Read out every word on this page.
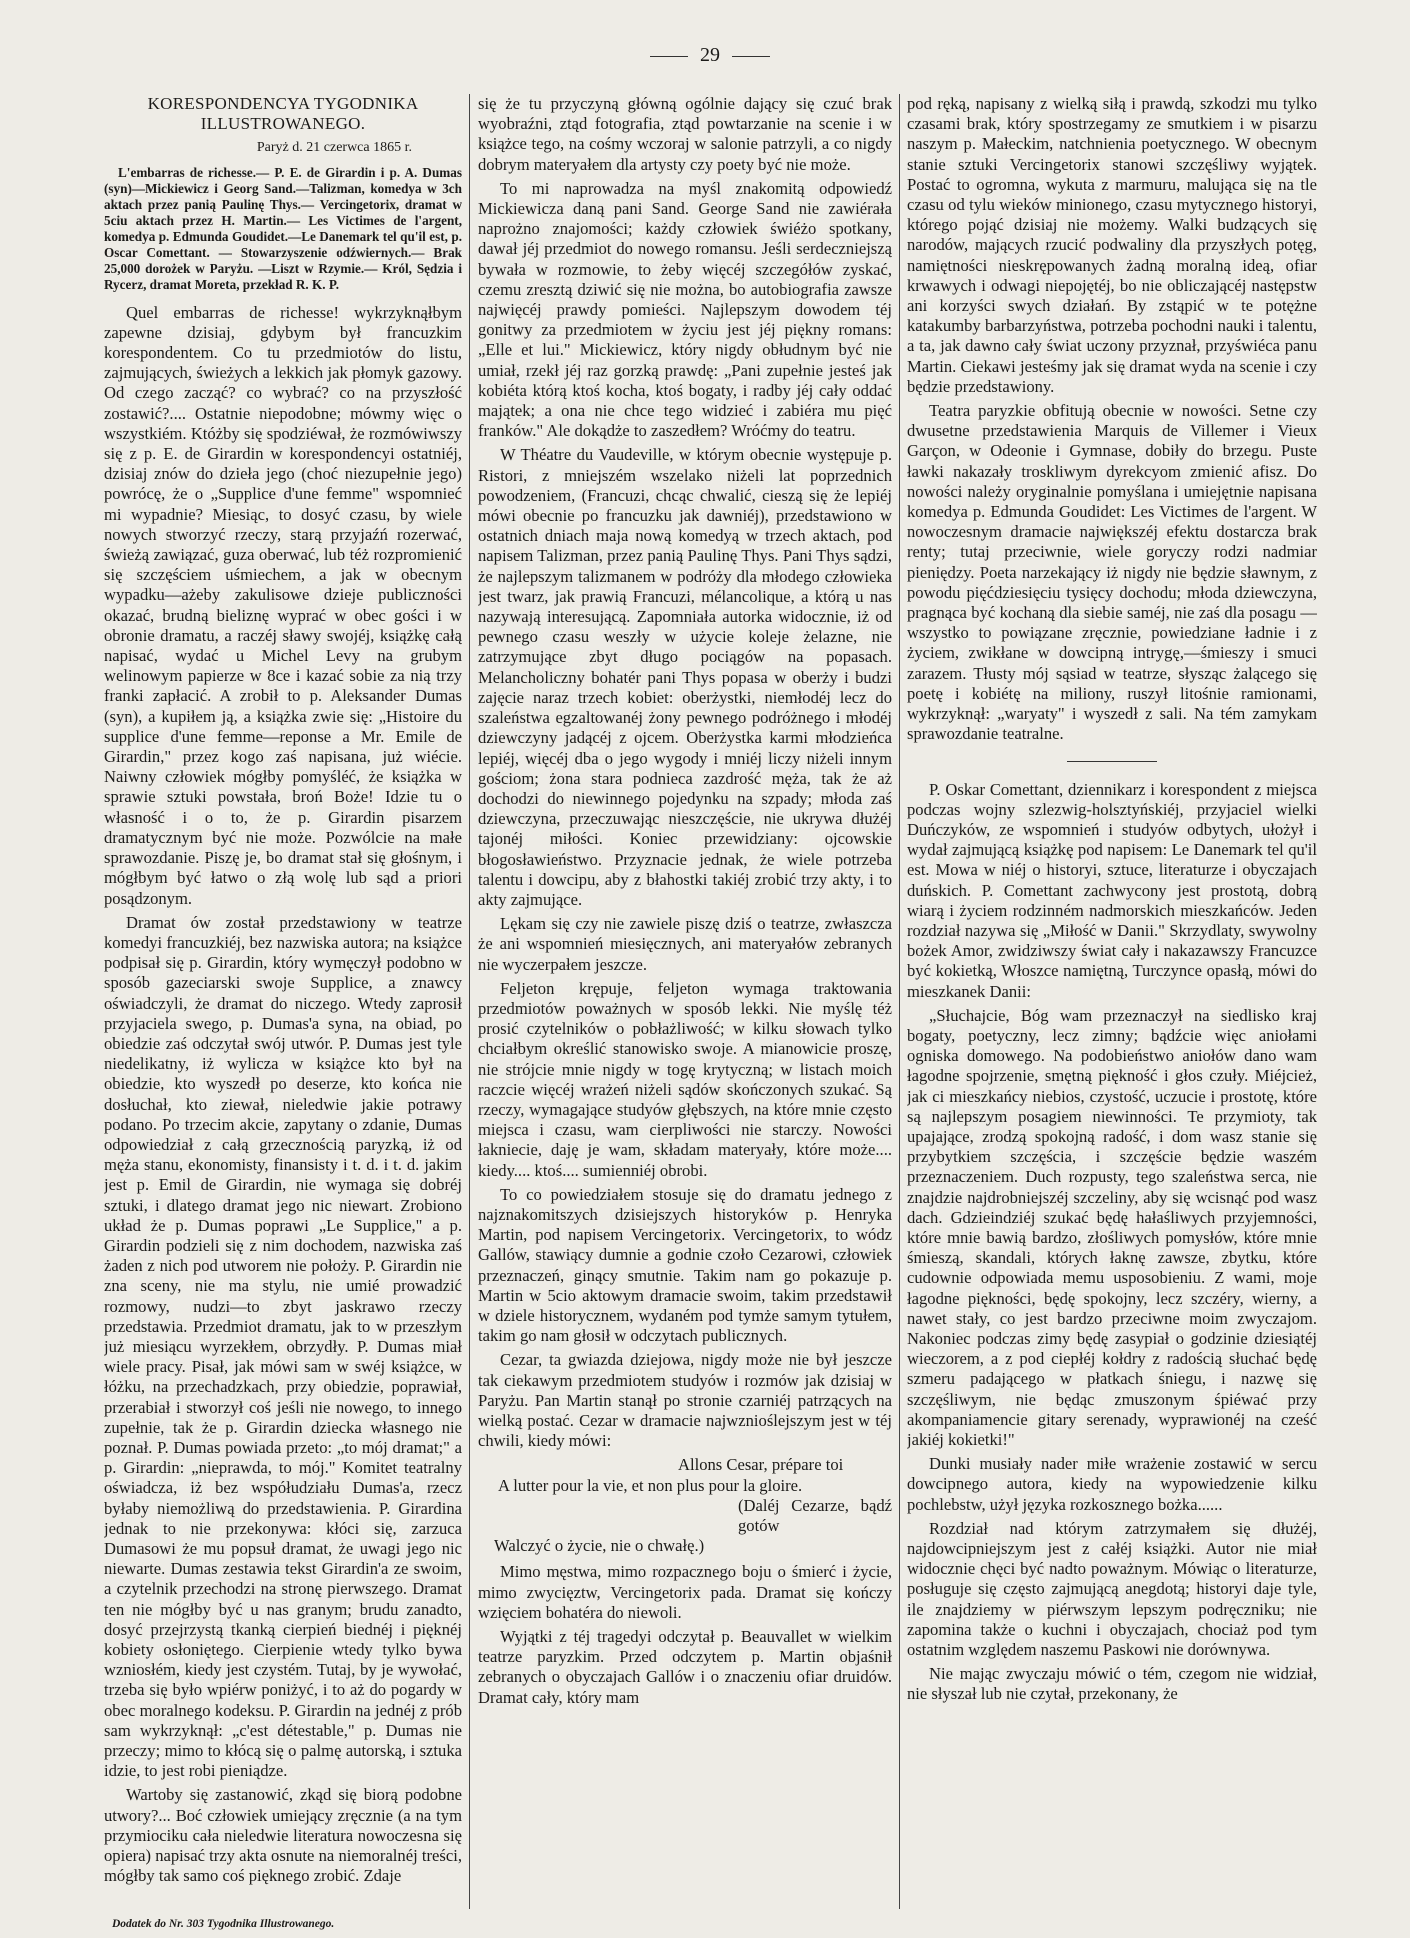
29

KORESPONDENCYA TYGODNIKA ILLUSTROWANEGO.

Paryż d. 21 czerwca 1865 r.

L'embarras de richesse.— P. E. de Girardin i p. A. Dumas (syn)—Mickiewicz i Georg Sand.—Talizman, komedya w 3ch aktach przez panią Paulinę Thys.— Vercingetorix, dramat w 5ciu aktach przez H. Martin.— Les Victimes de l'argent, komedya p. Edmunda Goudidet.—Le Danemark tel qu'il est, p. Oscar Comettant. — Stowarzyszenie odźwiernych.— Brak 25,000 dorożek w Paryżu. —Liszt w Rzymie.— Król, Sędzia i Rycerz, dramat Moreta, przekład R. K. P.

Quel embarras de richesse! wykrzyknąłbym zapewne dzisiaj, gdybym był francuzkim korespondentem. Co tu przedmiotów do listu, zajmujących, świeżych a lekkich jak płomyk gazowy. Od czego zacząć? co wybrać? co na przyszłość zostawić?.... Ostatnie niepodobne; mówmy więc o wszystkiém. Któżby się spodziéwał, że rozmówiwszy się z p. E. de Girardin w korespondencyi ostatniéj, dzisiaj znów do dzieła jego (choć niezupełnie jego) powrócę, że o „Supplice d'une femme" wspomnieć mi wypadnie? Miesiąc, to dosyć czasu, by wiele nowych stworzyć rzeczy, starą przyjaźń rozerwać, świeżą zawiązać, guza oberwać, lub téż rozpromienić się szczęściem uśmiechem, a jak w obecnym wypadku—ażeby zakulisowe dzieje publiczności okazać, brudną bieliznę wyprać w obec gości i w obronie dramatu, a raczéj sławy swojéj, książkę całą napisać, wydać u Michel Levy na grubym welinowym papierze w 8ce i kazać sobie za nią trzy franki zapłacić. A zrobił to p. Aleksander Dumas (syn), a kupiłem ją, a książka zwie się: „Histoire du supplice d'une femme—reponse a Mr. Emile de Girardin," przez kogo zaś napisana, już wiécie. Naiwny człowiek mógłby pomyśléć, że książka w sprawie sztuki powstała, broń Boże! Idzie tu o własność i o to, że p. Girardin pisarzem dramatycznym być nie może. Pozwólcie na małe sprawozdanie. Piszę je, bo dramat stał się głośnym, i mógłbym być łatwo o złą wolę lub sąd a priori posądzonym.

Dramat ów został przedstawiony w teatrze komedyi francuzkiéj, bez nazwiska autora; na książce podpisał się p. Girardin, który wymęczył podobno w sposób gazeciarski swoje Supplice, a znawcy oświadczyli, że dramat do niczego. Wtedy zaprosił przyjaciela swego, p. Dumas'a syna, na obiad, po obiedzie zaś odczytał swój utwór. P. Dumas jest tyle niedelikatny, iż wylicza w książce kto był na obiedzie, kto wyszedł po deserze, kto końca nie dosłuchał, kto ziewał, nieledwie jakie potrawy podano. Po trzecim akcie, zapytany o zdanie, Dumas odpowiedział z całą grzecznością paryzką, iż od męża stanu, ekonomisty, finansisty i t. d. i t. d. jakim jest p. Emil de Girardin, nie wymaga się dobréj sztuki, i dlatego dramat jego nic niewart. Zrobiono układ że p. Dumas poprawi „Le Supplice," a p. Girardin podzieli się z nim dochodem, nazwiska zaś żaden z nich pod utworem nie położy. P. Girardin nie zna sceny, nie ma stylu, nie umié prowadzić rozmowy, nudzi—to zbyt jaskrawo rzeczy przedstawia. Przedmiot dramatu, jak to w przeszłym już miesiącu wyrzekłem, obrzydły. P. Dumas miał wiele pracy. Pisał, jak mówi sam w swéj książce, w łóżku, na przechadzkach, przy obiedzie, poprawiał, przerabiał i stworzył coś jeśli nie nowego, to innego zupełnie, tak że p. Girardin dziecka własnego nie poznał. P. Dumas powiada przeto: „to mój dramat;" a p. Girardin: „nieprawda, to mój." Komitet teatralny oświadcza, iż bez współudziału Dumas'a, rzecz byłaby niemożliwą do przedstawienia. P. Girardina jednak to nie przekonywa: kłóci się, zarzuca Dumasowi że mu popsuł dramat, że uwagi jego nic niewarte. Dumas zestawia tekst Girardin'a ze swoim, a czytelnik przechodzi na stronę pierwszego. Dramat ten nie mógłby być u nas granym; brudu zanadto, dosyć przejrzystą tkanką cierpień biednéj i pięknéj kobiety osłoniętego. Cierpienie wtedy tylko bywa wzniosłém, kiedy jest czystém. Tutaj, by je wywołać, trzeba się było wpiérw poniżyć, i to aż do pogardy w obec moralnego kodeksu. P. Girardin na jednéj z prób sam wykrzyknął: „c'est détestable," p. Dumas nie przeczy; mimo to kłócą się o palmę autorską, i sztuka idzie, to jest robi pieniądze.

Wartoby się zastanowić, zkąd się biorą podobne utwory?... Boć człowiek umiejący zręcznie (a na tym przymiociku cała nieledwie literatura nowoczesna się opiera) napisać trzy akta osnute na niemoralnéj treści, mógłby tak samo coś pięknego zrobić. Zdaje

się że tu przyczyną główną ogólnie dający się czuć brak wyobraźni, ztąd fotografia, ztąd powtarzanie na scenie i w książce tego, na cośmy wczoraj w salonie patrzyli, a co nigdy dobrym materyałem dla artysty czy poety być nie może.

To mi naprowadza na myśl znakomitą odpowiedź Mickiewicza daną pani Sand. George Sand nie zawiérała naprożno znajomości; każdy człowiek świéżo spotkany, dawał jéj przedmiot do nowego romansu. Jeśli serdeczniejszą bywała w rozmowie, to żeby więcéj szczegółów zyskać, czemu zresztą dziwić się nie można, bo autobiografia zawsze najwięcéj prawdy pomieści. Najlepszym dowodem téj gonitwy za przedmiotem w życiu jest jéj piękny romans: „Elle et lui." Mickiewicz, który nigdy obłudnym być nie umiał, rzekł jéj raz gorzką prawdę: „Pani zupełnie jesteś jak kobiéta którą ktoś kocha, ktoś bogaty, i radby jéj cały oddać majątek; a ona nie chce tego widzieć i zabiéra mu pięć franków." Ale dokądże to zaszedłem? Wróćmy do teatru.

W Théatre du Vaudeville, w którym obecnie występuje p. Ristori, z mniejszém wszelako niżeli lat poprzednich powodzeniem, (Francuzi, chcąc chwalić, cieszą się że lepiéj mówi obecnie po francuzku jak dawniéj), przedstawiono w ostatnich dniach maja nową komedyą w trzech aktach, pod napisem Talizman, przez panią Paulinę Thys. Pani Thys sądzi, że najlepszym talizmanem w podróży dla młodego człowieka jest twarz, jak prawią Francuzi, mélancolique, a którą u nas nazywają interesującą. Zapomniała autorka widocznie, iż od pewnego czasu weszły w użycie koleje żelazne, nie zatrzymujące zbyt długo pociągów na popasach. Melancholiczny bohatér pani Thys popasa w oberży i budzi zajęcie naraz trzech kobiet: oberżystki, niemłodéj lecz do szaleństwa egzaltowanéj żony pewnego podróżnego i młodéj dziewczyny jadącéj z ojcem. Oberżystka karmi młodzieńca lepiéj, więcéj dba o jego wygody i mniéj liczy niżeli innym gościom; żona stara podnieca zazdrość męża, tak że aż dochodzi do niewinnego pojedynku na szpady; młoda zaś dziewczyna, przeczuwając nieszczęście, nie ukrywa dłużéj tajonéj miłości. Koniec przewidziany: ojcowskie błogosławieństwo. Przyznacie jednak, że wiele potrzeba talentu i dowcipu, aby z błahostki takiéj zrobić trzy akty, i to akty zajmujące.

Lękam się czy nie zawiele piszę dziś o teatrze, zwłaszcza że ani wspomnień miesięcznych, ani materyałów zebranych nie wyczerpałem jeszcze.

Feljeton krępuje, feljeton wymaga traktowania przedmiotów poważnych w sposób lekki. Nie myślę téż prosić czytelników o pobłażliwość; w kilku słowach tylko chciałbym określić stanowisko swoje. A mianowicie proszę, nie strójcie mnie nigdy w togę krytyczną; w listach moich raczcie więcéj wrażeń niżeli sądów skończonych szukać. Są rzeczy, wymagające studyów głębszych, na które mnie często miejsca i czasu, wam cierpliwości nie starczy. Nowości łakniecie, daję je wam, składam materyały, które może.... kiedy.... ktoś.... sumienniéj obrobi.

To co powiedziałem stosuje się do dramatu jednego z najznakomitszych dzisiejszych historyków p. Henryka Martin, pod napisem Vercingetorix. Vercingetorix, to wódz Gallów, stawiący dumnie a godnie czoło Cezarowi, człowiek przeznaczeń, ginący smutnie. Takim nam go pokazuje p. Martin w 5cio aktowym dramacie swoim, takim przedstawił w dziele historycznem, wydaném pod tymże samym tytułem, takim go nam głosił w odczytach publicznych.

Cezar, ta gwiazda dziejowa, nigdy może nie był jeszcze tak ciekawym przedmiotem studyów i rozmów jak dzisiaj w Paryżu. Pan Martin stanął po stronie czarniéj patrzących na wielką postać. Cezar w dramacie najwznioślejszym jest w téj chwili, kiedy mówi:

Allons Cesar, prépare toi
A lutter pour la vie, et non plus pour la gloire.
(Daléj Cezarze, bądź gotów
Walczyć o życie, nie o chwałę.)

Mimo męstwa, mimo rozpacznego boju o śmierć i życie, mimo zwycięztw, Vercingetorix pada. Dramat się kończy wzięciem bohatéra do niewoli.

Wyjątki z téj tragedyi odczytał p. Beauvallet w wielkim teatrze paryzkim. Przed odczytem p. Martin objaśnił zebranych o obyczajach Gallów i o znaczeniu ofiar druidów. Dramat cały, który mam

pod ręką, napisany z wielką siłą i prawdą, szkodzi mu tylko czasami brak, który spostrzegamy ze smutkiem i w pisarzu naszym p. Małeckim, natchnienia poetycznego. W obecnym stanie sztuki Vercingetorix stanowi szczęśliwy wyjątek. Postać to ogromna, wykuta z marmuru, malująca się na tle czasu od tylu wieków minionego, czasu mytycznego historyi, którego pojąć dzisiaj nie możemy. Walki budzących się narodów, mających rzucić podwaliny dla przyszłych potęg, namiętności nieskrępowanych żadną moralną ideą, ofiar krwawych i odwagi niepojętéj, bo nie obliczającéj następstw ani korzyści swych działań. By zstąpić w te potężne katakumby barbarzyństwa, potrzeba pochodni nauki i talentu, a ta, jak dawno cały świat uczony przyznał, przyświéca panu Martin. Ciekawi jesteśmy jak się dramat wyda na scenie i czy będzie przedstawiony.

Teatra paryzkie obfitują obecnie w nowości. Setne czy dwusetne przedstawienia Marquis de Villemer i Vieux Garçon, w Odeonie i Gymnase, dobiły do brzegu. Puste ławki nakazały troskliwym dyrekcyom zmienić afisz. Do nowości należy oryginalnie pomyślana i umiejętnie napisana komedya p. Edmunda Goudidet: Les Victimes de l'argent. W nowoczesnym dramacie największéj efektu dostarcza brak renty; tutaj przeciwnie, wiele goryczy rodzi nadmiar pieniędzy. Poeta narzekający iż nigdy nie będzie sławnym, z powodu pięćdziesięciu tysięcy dochodu; młoda dziewczyna, pragnąca być kochaną dla siebie saméj, nie zaś dla posagu — wszystko to powiązane zręcznie, powiedziane ładnie i z życiem, zwikłane w dowcipną intrygę,—śmieszy i smuci zarazem. Tłusty mój sąsiad w teatrze, słysząc żalącego się poetę i kobiétę na miliony, ruszył litośnie ramionami, wykrzyknął: „waryaty" i wyszedł z sali. Na tém zamykam sprawozdanie teatralne.

P. Oskar Comettant, dziennikarz i korespondent z miejsca podczas wojny szlezwig-holsztyńskiéj, przyjaciel wielki Duńczyków, ze wspomnień i studyów odbytych, ułożył i wydał zajmującą książkę pod napisem: Le Danemark tel qu'il est. Mowa w niéj o historyi, sztuce, literaturze i obyczajach duńskich. P. Comettant zachwycony jest prostotą, dobrą wiarą i życiem rodzinném nadmorskich mieszkańców. Jeden rozdział nazywa się „Miłość w Danii." Skrzydlaty, swywolny bożek Amor, zwidziwszy świat cały i nakazawszy Francuzce być kokietką, Włoszce namiętną, Turczynce opasłą, mówi do mieszkanek Danii:

„Słuchajcie, Bóg wam przeznaczył na siedlisko kraj bogaty, poetyczny, lecz zimny; bądźcie więc aniołami ogniska domowego. Na podobieństwo aniołów dano wam łagodne spojrzenie, smętną piękność i głos czuły. Miéjcież, jak ci mieszkańcy niebios, czystość, uczucie i prostotę, które są najlepszym posagiem niewinności. Te przymioty, tak upajające, zrodzą spokojną radość, i dom wasz stanie się przybytkiem szczęścia, i szczęście będzie waszém przeznaczeniem. Duch rozpusty, tego szaleństwa serca, nie znajdzie najdrobniejszéj szczeliny, aby się wcisnąć pod wasz dach. Gdzieindziéj szukać będę hałaśliwych przyjemności, które mnie bawią bardzo, złośliwych pomysłów, które mnie śmieszą, skandali, których łaknę zawsze, zbytku, które cudownie odpowiada memu usposobieniu. Z wami, moje łagodne piękności, będę spokojny, lecz szczéry, wierny, a nawet stały, co jest bardzo przeciwne moim zwyczajom. Nakoniec podczas zimy będę zasypiał o godzinie dziesiątéj wieczorem, a z pod ciepłéj kołdry z radością słuchać będę szmeru padającego w płatkach śniegu, i nazwę się szczęśliwym, nie będąc zmuszonym śpiéwać przy akompaniamencie gitary serenady, wyprawionéj na cześć jakiéj kokietki!"

Dunki musiały nader miłe wrażenie zostawić w sercu dowcipnego autora, kiedy na wypowiedzenie kilku pochlebstw, użył języka rozkosznego bożka......

Rozdział nad którym zatrzymałem się dłużéj, najdowcipniejszym jest z całéj książki. Autor nie miał widocznie chęci być nadto poważnym. Mówiąc o literaturze, posługuje się często zajmującą anegdotą; historyi daje tyle, ile znajdziemy w piérwszym lepszym podręczniku; nie zapomina także o kuchni i obyczajach, chociaż pod tym ostatnim względem naszemu Paskowi nie dorównywa.

Nie mając zwyczaju mówić o tém, czegom nie widział, nie słyszał lub nie czytał, przekonany, że

Dodatek do Nr. 303 Tygodnika Illustrowanego.
